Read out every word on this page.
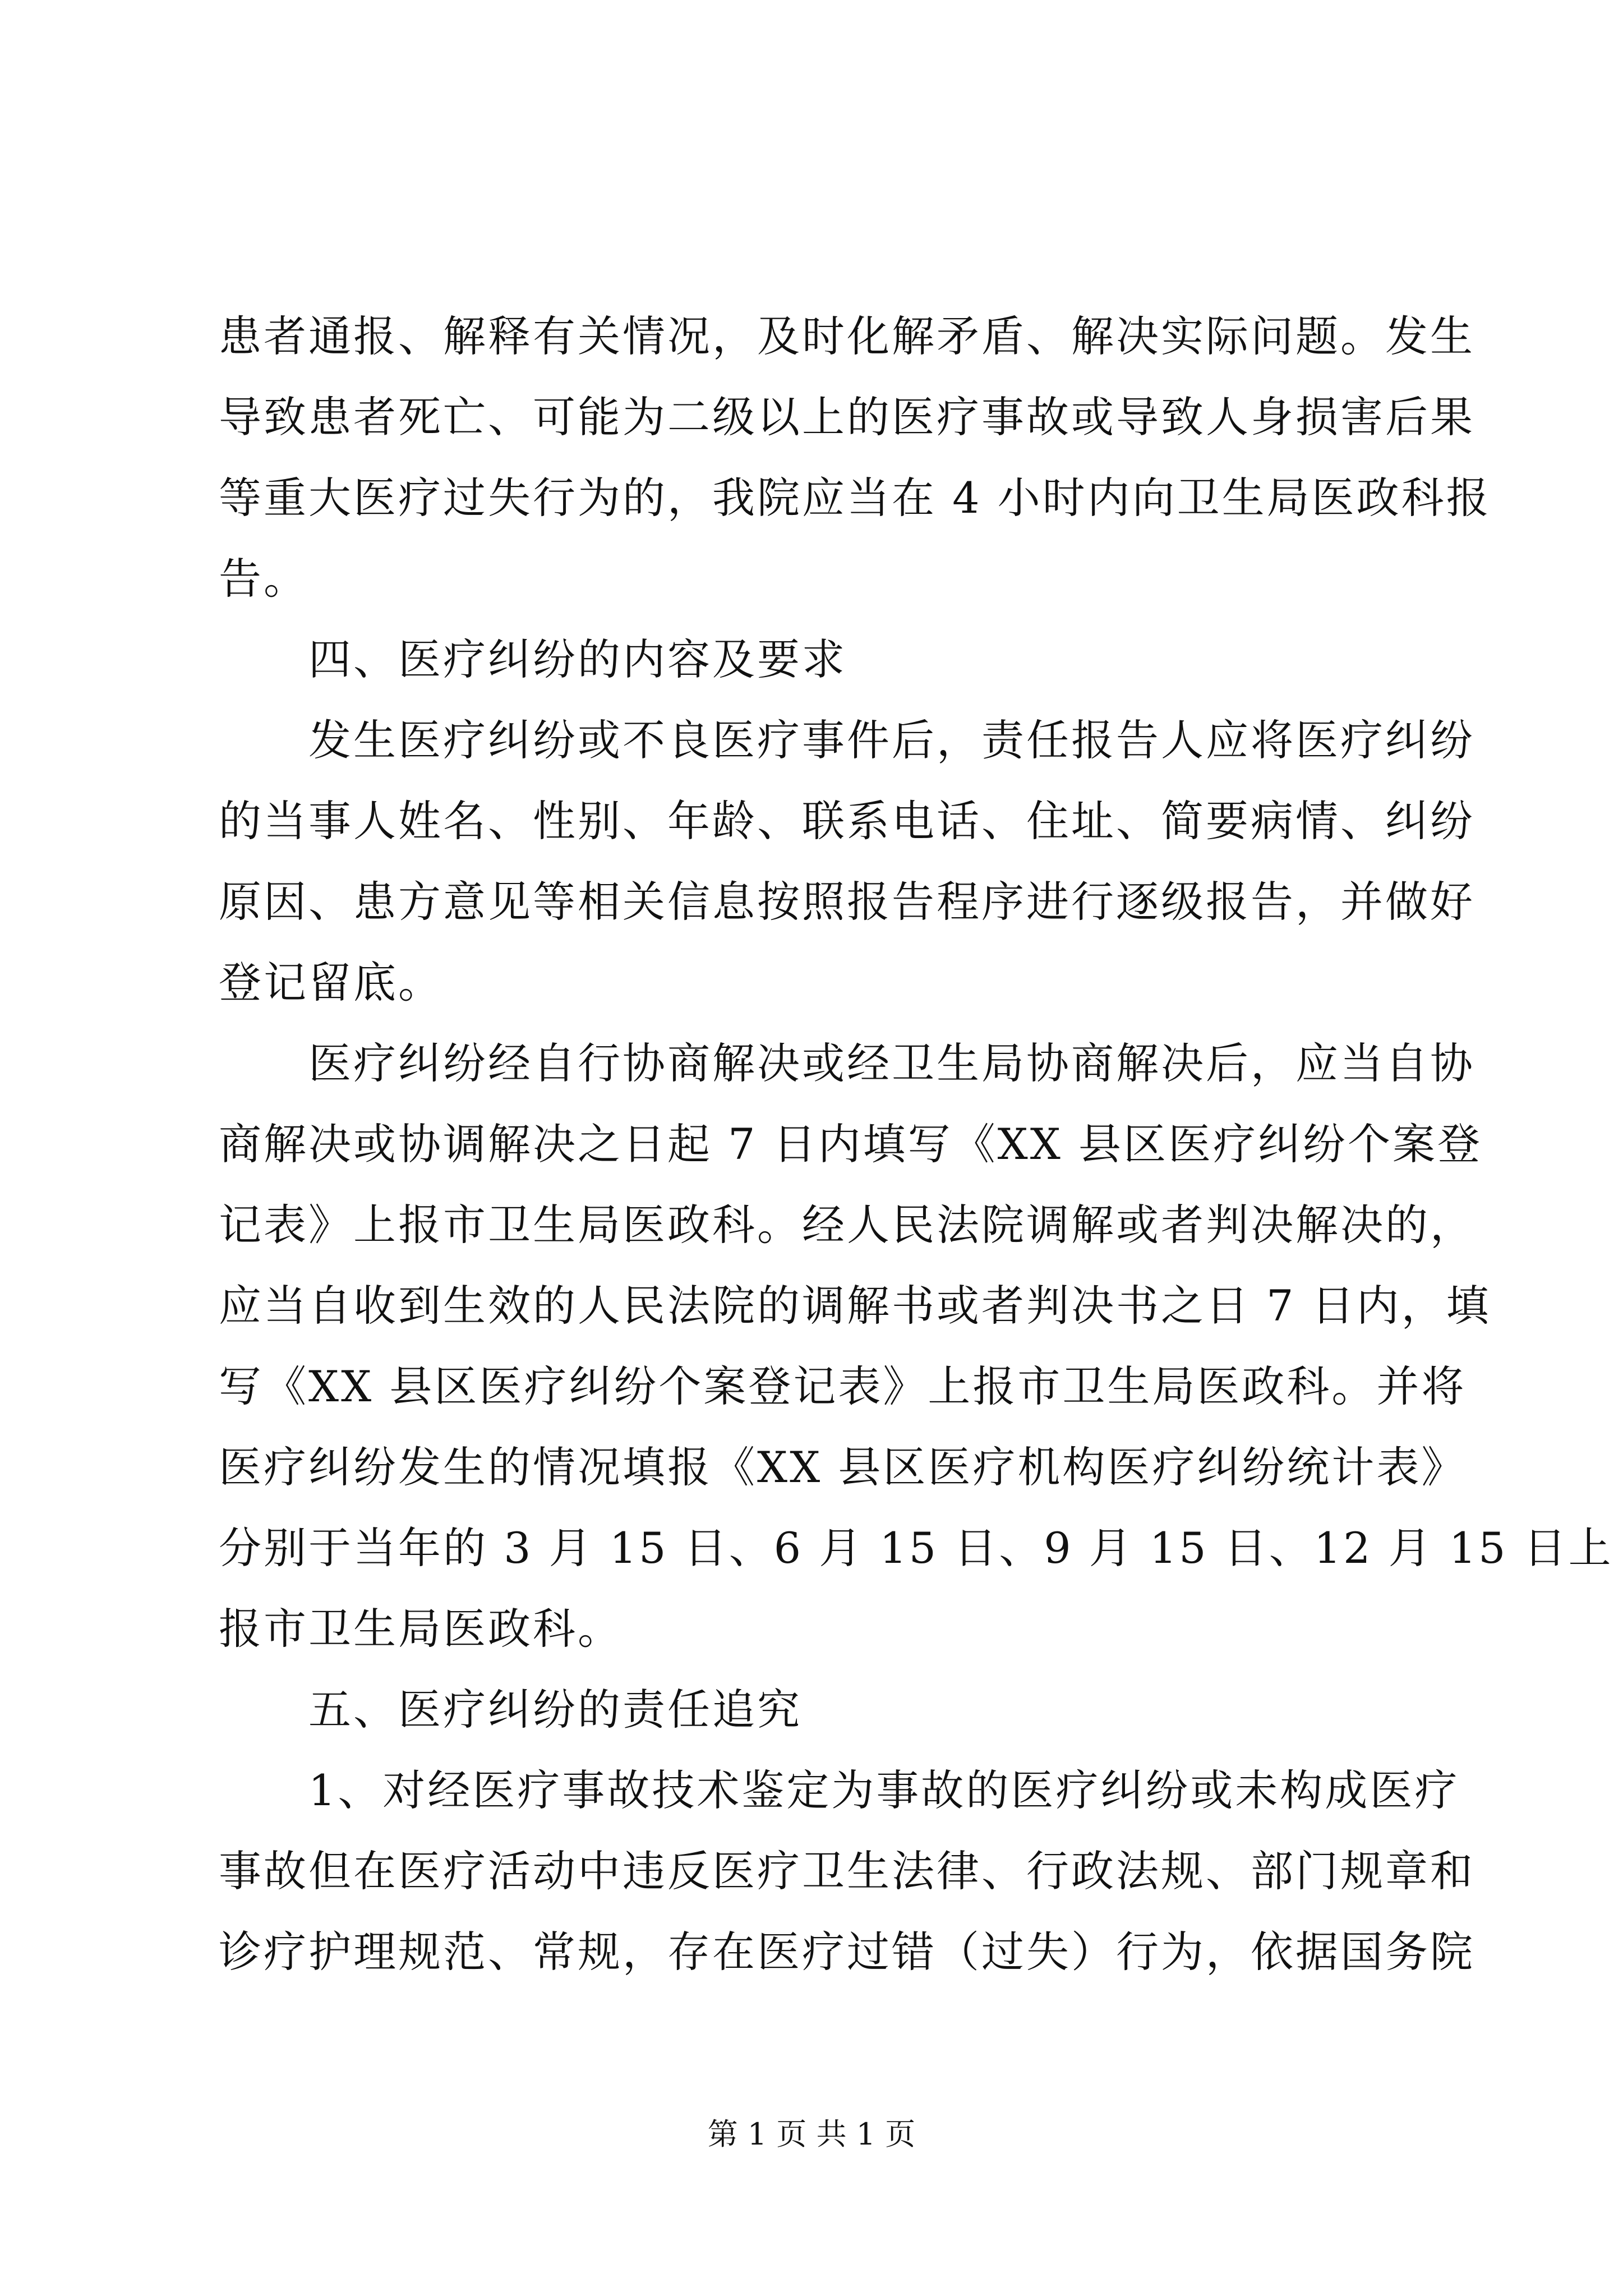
患者通报、解释有关情况，及时化解矛盾、解决实际问题。发生
导致患者死亡、可能为二级以上的医疗事故或导致人身损害后果
等重大医疗过失行为的，我院应当在 4 小时内向卫生局医政科报
告。
四、医疗纠纷的内容及要求
发生医疗纠纷或不良医疗事件后，责任报告人应将医疗纠纷
的当事人姓名、性别、年龄、联系电话、住址、简要病情、纠纷
原因、患方意见等相关信息按照报告程序进行逐级报告，并做好
登记留底。
医疗纠纷经自行协商解决或经卫生局协商解决后，应当自协
商解决或协调解决之日起 7 日内填写《XX 县区医疗纠纷个案登
记表》上报市卫生局医政科。经人民法院调解或者判决解决的，
应当自收到生效的人民法院的调解书或者判决书之日 7 日内，填
写《XX 县区医疗纠纷个案登记表》上报市卫生局医政科。并将
医疗纠纷发生的情况填报《XX 县区医疗机构医疗纠纷统计表》
分别于当年的 3 月 15 日、6 月 15 日、9 月 15 日、12 月 15 日上
报市卫生局医政科。
五、医疗纠纷的责任追究
1、对经医疗事故技术鉴定为事故的医疗纠纷或未构成医疗
事故但在医疗活动中违反医疗卫生法律、行政法规、部门规章和
诊疗护理规范、常规，存在医疗过错（过失）行为，依据国务院
第 1 页 共 1 页
